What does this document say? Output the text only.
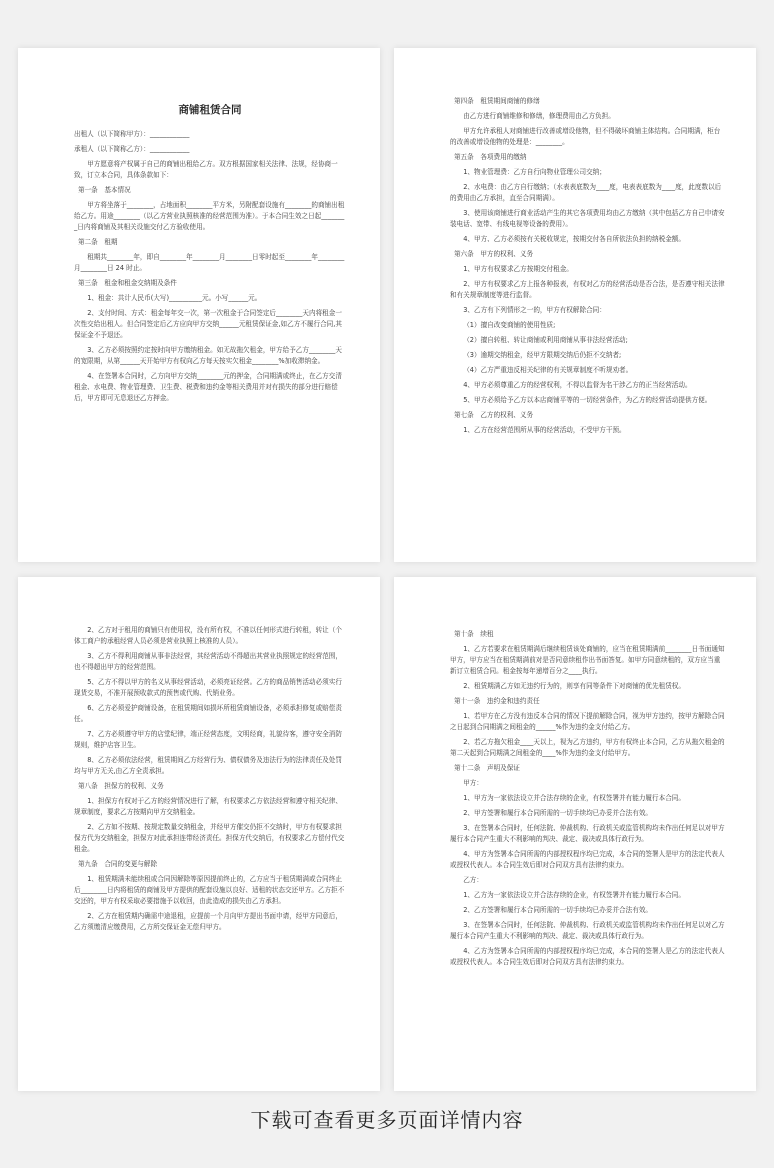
商铺租赁合同
出租人（以下简称甲方）：____________
承租人（以下简称乙方）：____________
甲方愿意将产权属于自己的商铺出租给乙方。双方根据国家相关法律、法规，经协商一致，订立本合同，具体条款如下：
第一条　基本情况
甲方将坐落于________，占地面积________平方米，另附配套设施有________的商铺出租给乙方。用途________（以乙方营业执照核准的经营范围为准）。于本合同生效之日起________日内将商铺及其相关设施交付乙方验收使用。
第二条　租期
租期共________年，即自________年________月________日零时起至________年________月________日 24 时止。
第三条　租金和租金交纳期及条件
1、租金：共计人民币(大写)__________元。小写______元。
2、支付时间、方式：租金每年交一次，第一次租金于合同签定后________天内将租金一次性交给出租人。但合同签定后乙方应向甲方交纳______元租赁保证金,如乙方不履行合同,其保证金不予退还。
3、乙方必须按照约定按时向甲方缴纳租金。如无故拖欠租金，甲方给予乙方________天的宽限期，从第______天开始甲方有权向乙方每天按实欠租金________%加收滞纳金。
4、在签署本合同时，乙方向甲方交纳________元的押金，合同期满或终止，在乙方交清租金、水电费、物业管理费、卫生费、税费和违约金等相关费用并对有损失的部分进行赔偿后，甲方即可无息退还乙方押金。
第四条　租赁期间商铺的修缮
由乙方进行商铺维修和修缮，修理费用由乙方负担。
甲方允许承租人对商铺进行改善或增设他物，但不得破坏商铺主体结构。合同期满，柜台的改善或增设他物的处理是：________。
第五条　各项费用的缴纳
1、物业管理费：乙方自行向物业管理公司交纳；
2、水电费：由乙方自行缴纳；（水表表底数为____度，电表表底数为____度，此度数以后的费用由乙方承担，直至合同期满）。
3、使用该商铺进行商业活动产生的其它各项费用均由乙方缴纳（其中包括乙方自己申请安装电话、宽带、有线电视等设备的费用）。
4、甲方、乙方必须按有关税收规定，按期交付各自所依法负担的纳税金额。
第六条　甲方的权利、义务
1、甲方有权要求乙方按期交付租金。
2、甲方有权要求乙方上报各种报表，有权对乙方的经营活动是否合法，是否遵守相关法律和有关规章制度等进行监督。
3、乙方有下列情形之一的，甲方有权解除合同：
（1）擅自改变商铺的使用性质;
（2）擅自转租、转让商铺或利用商铺从事非法经营活动;
（3）逾期交纳租金，经甲方限期交纳后仍拒不交纳者;
（4）乙方严重违反相关纪律的有关规章制度不听规劝者。
4、甲方必须尊重乙方的经营权利，不得以监督为名干涉乙方的正当经营活动。
5、甲方必须给予乙方以本店商铺平等的一切经营条件，为乙方的经营活动提供方便。
第七条　乙方的权利、义务
1、乙方在经营范围所从事的经营活动，不受甲方干预。
2、乙方对于租用的商铺只有使用权，没有所有权，不准以任何形式进行转租，转让（个体工商户的承租经营人员必须是营业执照上核准的人员）。
3、乙方不得利用商铺从事非法经营，其经营活动不得超出其营业执照规定的经营范围，也不得超出甲方的经营范围。
5、乙方不得以甲方的名义从事经营活动，必须亮证经营。乙方的商品销售活动必须实行现货交易，不准开展预收款式的预售或代购、代销业务。
6、乙方必须爱护商铺设备，在租赁期间如损坏所租赁商铺设备，必须承担修复或赔偿责任。
7、乙方必须遵守甲方的店堂纪律，端正经营态度，文明经商，礼貌待客，遵守安全消防规则，维护店容卫生。
8、乙方必须依法经营，租赁期间乙方经营行为、债权债务及违法行为的法律责任及处罚均与甲方无关,由乙方全责承担。
第八条　担保方的权利、义务
1、担保方有权对于乙方的经营情况进行了解，有权要求乙方依法经营和遵守相关纪律、规章制度，要求乙方按期向甲方交纳租金。
2、乙方如不按期、按规定数量交纳租金，并经甲方催交仍拒不交纳时，甲方有权要求担保方代为交纳租金，担保方对此承担连带经济责任。担保方代交纳后，有权要求乙方偿付代交租金。
第九条　合同的变更与解除
1、租赁期满未能续租或合同因解除等原因提前终止的，乙方应当于租赁期满或合同终止后________日内将租赁的商铺及甲方提供的配套设施以良好、适租的状态交还甲方。乙方拒不交还的，甲方有权采取必要措施予以收回，由此造成的损失由乙方承担。
2、乙方在租赁期内确需中途退租，应提前一个月向甲方提出书面申请，经甲方同意后，乙方须缴清应缴费用，乙方所交保证金无偿归甲方。
第十条　续租
1、乙方若要求在租赁期满后继续租赁该处商铺的，应当在租赁期满前________日书面通知甲方，甲方应当在租赁期满前对是否同意续租作出书面答复。如甲方同意续租的，双方应当重新订立租赁合同。租金按每年递增百分之____执行。
2、租赁期满乙方如无违约行为的，则享有同等条件下对商铺的优先租赁权。
第十一条　违约金和违约责任
1、若甲方在乙方没有违反本合同的情况下提前解除合同，视为甲方违约，按甲方解除合同之日起到合同期满之间租金的______%作为违约金支付给乙方。
2、若乙方拖欠租金____天以上，视为乙方违约，甲方有权终止本合同，乙方从拖欠租金的第二天起到合同期满之间租金的____%作为违约金支付给甲方。
第十二条　声明及保证
甲方：
1、甲方为一家依法设立并合法存续的企业，有权签署并有能力履行本合同。
2、甲方签署和履行本合同所需的一切手续均已办妥并合法有效。
3、在签署本合同时，任何法院、仲裁机构、行政机关或监管机构均未作出任何足以对甲方履行本合同产生重大不利影响的判决、裁定、裁决或具体行政行为。
4、甲方为签署本合同所需的内部授权程序均已完成，本合同的签署人是甲方的法定代表人或授权代表人。本合同生效后即对合同双方具有法律约束力。
乙方：
1、乙方为一家依法设立并合法存续的企业，有权签署并有能力履行本合同。
2、乙方签署和履行本合同所需的一切手续均已办妥并合法有效。
3、在签署本合同时，任何法院、仲裁机构、行政机关或监管机构均未作出任何足以对乙方履行本合同产生重大不利影响的判决、裁定、裁决或具体行政行为。
4、乙方为签署本合同所需的内部授权程序均已完成，本合同的签署人是乙方的法定代表人或授权代表人。本合同生效后即对合同双方具有法律约束力。
下载可查看更多页面详情内容
